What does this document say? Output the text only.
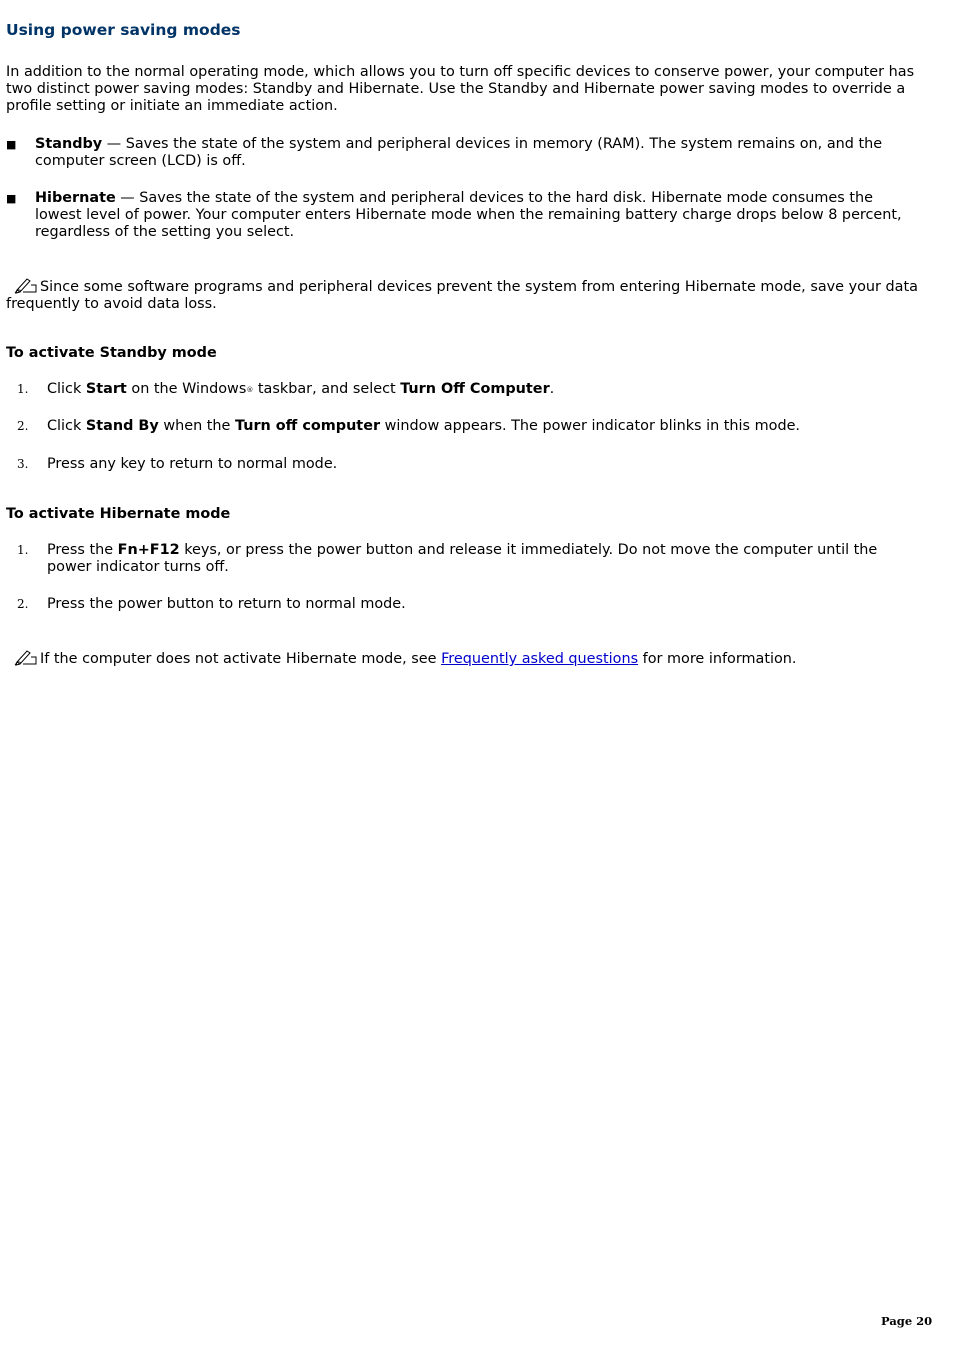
Using power saving modes

In addition to the normal operating mode, which allows you to turn off specific devices to conserve power, your computer has two distinct power saving modes: Standby and Hibernate. Use the Standby and Hibernate power saving modes to override a profile setting or initiate an immediate action.

■ Standby — Saves the state of the system and peripheral devices in memory (RAM). The system remains on, and the computer screen (LCD) is off.
■ Hibernate — Saves the state of the system and peripheral devices to the hard disk. Hibernate mode consumes the lowest level of power. Your computer enters Hibernate mode when the remaining battery charge drops below 8 percent, regardless of the setting you select.
Since some software programs and peripheral devices prevent the system from entering Hibernate mode, save your data frequently to avoid data loss.
To activate Standby mode
1. Click Start on the Windows® taskbar, and select Turn Off Computer.
2. Click Stand By when the Turn off computer window appears. The power indicator blinks in this mode.
3. Press any key to return to normal mode.
To activate Hibernate mode
1. Press the Fn+F12 keys, or press the power button and release it immediately. Do not move the computer until the power indicator turns off.
2. Press the power button to return to normal mode.
If the computer does not activate Hibernate mode, see Frequently asked questions for more information.
Page 20
